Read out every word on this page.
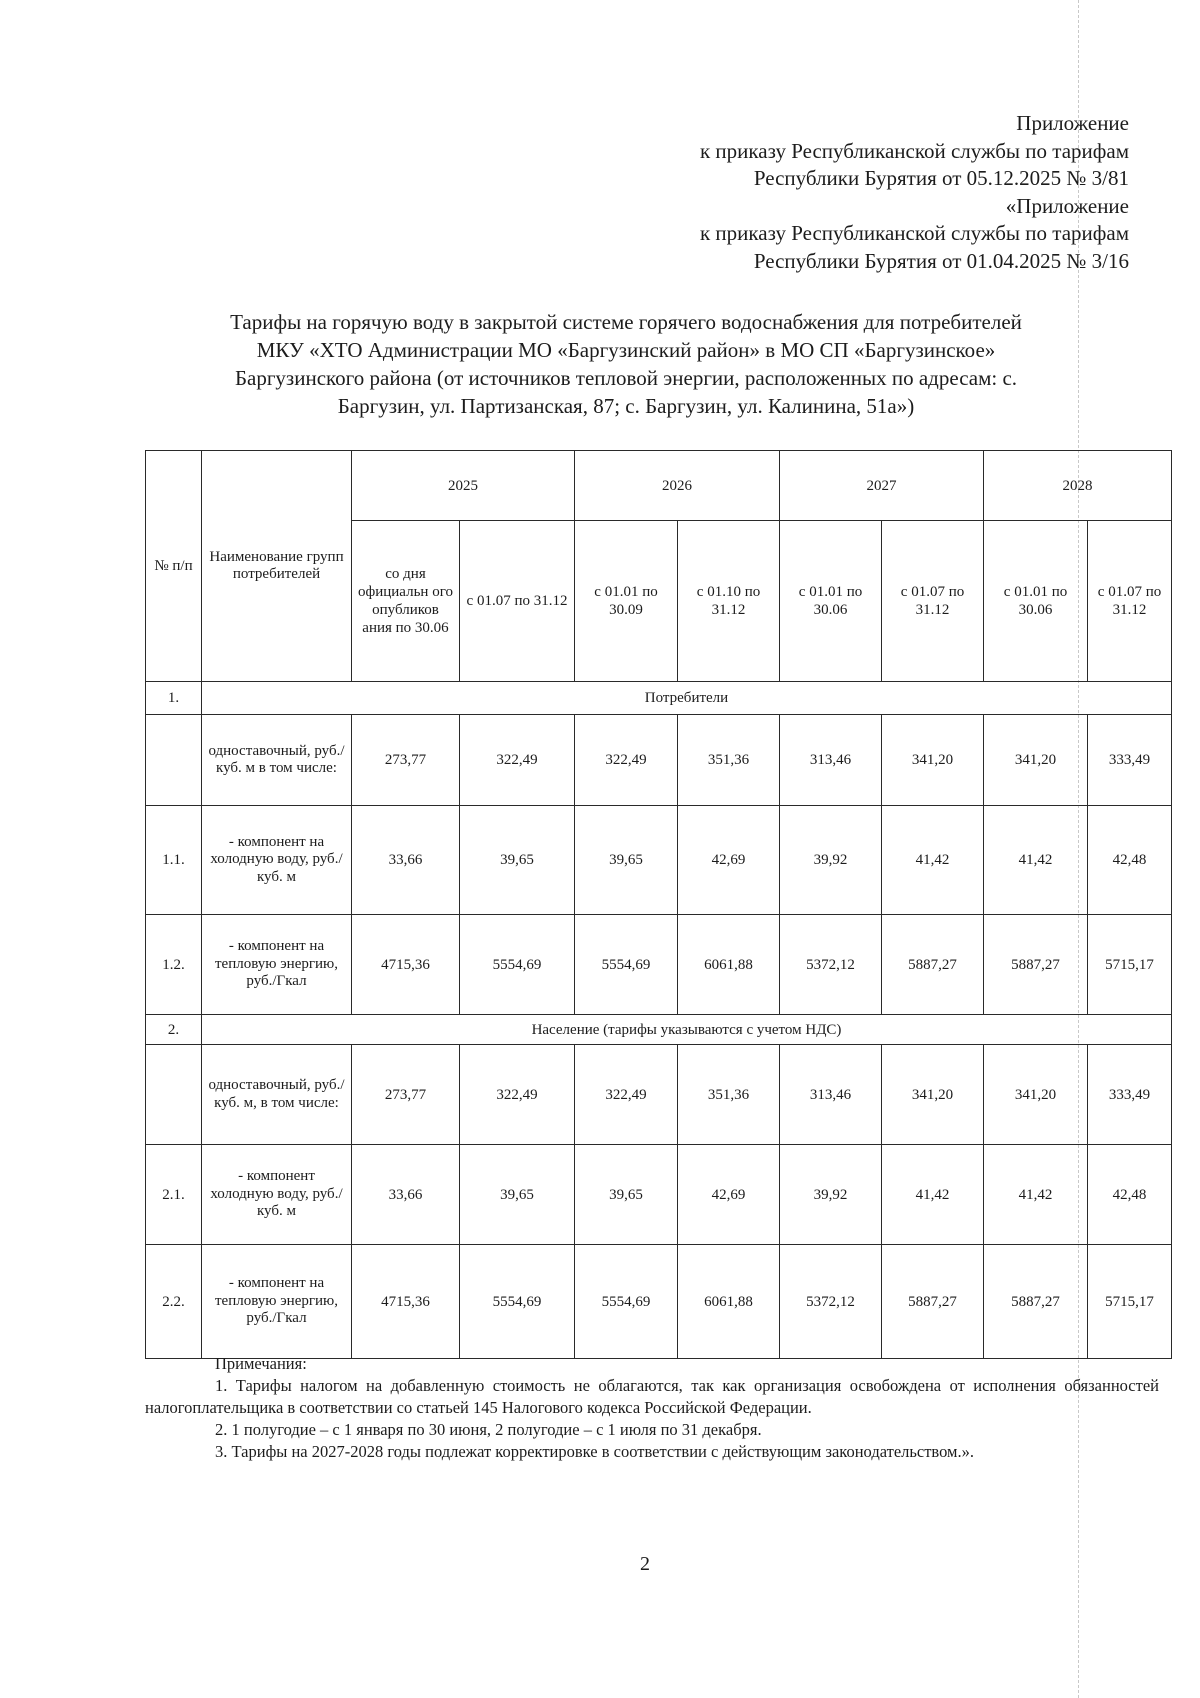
Приложение
к приказу Республиканской службы по тарифам
Республики Бурятия от 05.12.2025 № 3/81
«Приложение
к приказу Республиканской службы по тарифам
Республики Бурятия от 01.04.2025 № 3/16
Тарифы на горячую воду в закрытой системе горячего водоснабжения для потребителей
МКУ «ХТО Администрации МО «Баргузинский район» в МО СП «Баргузинское»
Баргузинского района (от источников тепловой энергии, расположенных по адресам: с.
Баргузин, ул. Партизанская, 87; с. Баргузин, ул. Калинина, 51а»)
№ п/п	Наименование групп потребителей	2025		2026		2027		2028	
		со дня официальн ого опубликов ания по 30.06	с 01.07 по 31.12	с 01.01 по 30.09	с 01.10 по 31.12	с 01.01 по 30.06	с 01.07 по 31.12	с 01.01 по 30.06	с 01.07 по 31.12
1.	Потребители								
	одноставочный, руб./ куб. м в том числе:	273,77	322,49	322,49	351,36	313,46	341,20	341,20	333,49
1.1.	- компонент на холодную воду, руб./ куб. м	33,66	39,65	39,65	42,69	39,92	41,42	41,42	42,48
1.2.	- компонент на тепловую энергию, руб./Гкал	4715,36	5554,69	5554,69	6061,88	5372,12	5887,27	5887,27	5715,17
2.	Население (тарифы указываются с учетом НДС)								
	одноставочный, руб./ куб. м, в том числе:	273,77	322,49	322,49	351,36	313,46	341,20	341,20	333,49
2.1.	- компонент холодную воду, руб./ куб. м	33,66	39,65	39,65	42,69	39,92	41,42	41,42	42,48
2.2.	- компонент на тепловую энергию, руб./Гкал	4715,36	5554,69	5554,69	6061,88	5372,12	5887,27	5887,27	5715,17
Примечания:

1. Тарифы налогом на добавленную стоимость не облагаются, так как организация освобождена от исполнения обязанностей налогоплательщика в соответствии со статьей 145 Налогового кодекса Российской Федерации.

2. 1 полугодие – с 1 января по 30 июня, 2 полугодие – с 1 июля по 31 декабря.

3. Тарифы на 2027-2028 годы подлежат корректировке в соответствии с действующим законодательством.».

2
